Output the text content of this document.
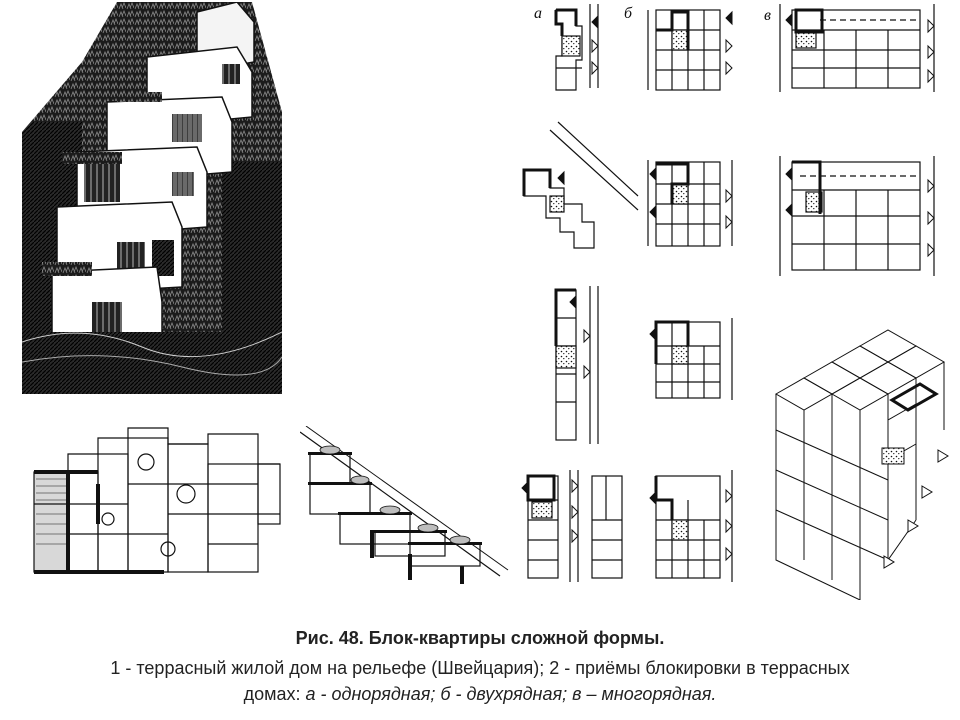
а	б	в
Рис. 48. Блок-квартиры сложной формы.
1 - террасный жилой дом на рельефе (Швейцария); 2 - приёмы блокировки в террасных
домах: а - однорядная; б - двухрядная; в – многорядная.
